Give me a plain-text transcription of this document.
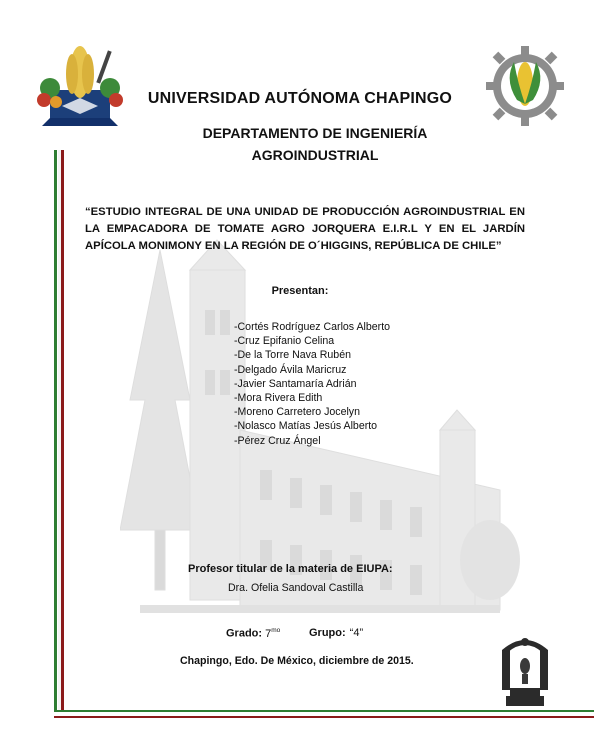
UNIVERSIDAD AUTÓNOMA CHAPINGO
DEPARTAMENTO DE INGENIERÍA
AGROINDUSTRIAL
“ESTUDIO INTEGRAL DE UNA UNIDAD DE PRODUCCIÓN AGROINDUSTRIAL EN LA EMPACADORA DE TOMATE AGRO JORQUERA E.I.R.L Y EN EL JARDÍN APÍCOLA MONIMONY EN LA REGIÓN DE O´HIGGINS, REPÚBLICA DE CHILE”
Presentan:
-Cortés Rodríguez Carlos Alberto
-Cruz Epifanio Celina
-De la Torre Nava Rubén
-Delgado Ávila Maricruz
-Javier Santamaría Adrián
-Mora Rivera Edith
-Moreno Carretero Jocelyn
-Nolasco Matías Jesús Alberto
-Pérez Cruz Ángel
Profesor titular de la materia de EIUPA:
Dra. Ofelia Sandoval Castilla
Grado: $7^{mo}$	Grupo: “4”
Chapingo, Edo. De México, diciembre de 2015.
